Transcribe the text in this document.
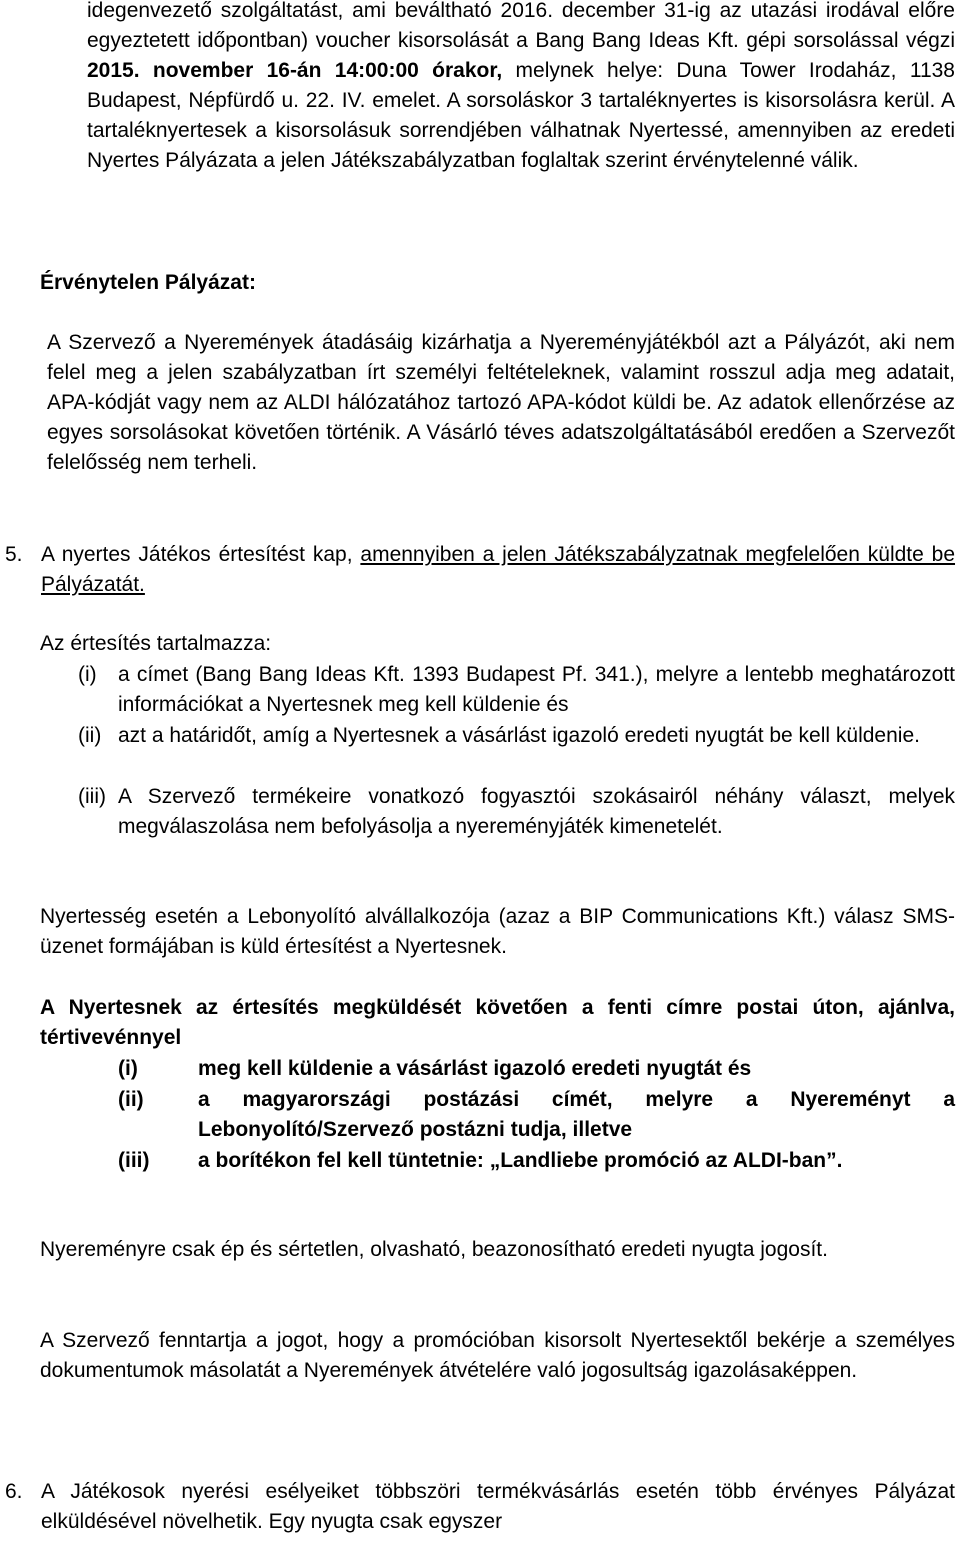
idegenvezető szolgáltatást, ami beváltható 2016. december 31-ig az utazási irodával előre egyeztetett időpontban) voucher kisorsolását a Bang Bang Ideas Kft. gépi sorsolással végzi 2015. november 16-án 14:00:00 órakor, melynek helye: Duna Tower Irodaház, 1138 Budapest, Népfürdő u. 22. IV. emelet. A sorsoláskor 3 tartaléknyertes is kisorsolásra kerül. A tartaléknyertesek a kisorsolásuk sorrendjében válhatnak Nyertessé, amennyiben az eredeti Nyertes Pályázata a jelen Játékszabályzatban foglaltak szerint érvénytelenné válik.

Érvénytelen Pályázat:

A Szervező a Nyeremények átadásáig kizárhatja a Nyereményjátékból azt a Pályázót, aki nem felel meg a jelen szabályzatban írt személyi feltételeknek, valamint rosszul adja meg adatait, APA-kódját vagy nem az ALDI hálózatához tartozó APA-kódot küldi be. Az adatok ellenőrzése az egyes sorsolásokat követően történik. A Vásárló téves adatszolgáltatásából eredően a Szervezőt felelősség nem terheli.

5. A nyertes Játékos értesítést kap, amennyiben a jelen Játékszabályzatnak megfelelően küldte be Pályázatát.

Az értesítés tartalmazza:
(i) a címet (Bang Bang Ideas Kft. 1393 Budapest Pf. 341.), melyre a lentebb meghatározott információkat a Nyertesnek meg kell küldenie és

(ii) azt a határidőt, amíg a Nyertesnek a vásárlást igazoló eredeti nyugtát be kell küldenie.

(iii) A Szervező termékeire vonatkozó fogyasztói szokásairól néhány választ, melyek megválaszolása nem befolyásolja a nyereményjáték kimenetelét.

Nyertesség esetén a Lebonyolító alvállalkozója (azaz a BIP Communications Kft.) válasz SMS-üzenet formájában is küld értesítést a Nyertesnek.

A Nyertesnek az értesítés megküldését követően a fenti címre postai úton, ajánlva, tértivevénnyel

(i)	meg kell küldenie a vásárlást igazoló eredeti nyugtát és

(ii)	a magyarországi postázási címét, melyre a Nyereményt a Lebonyolító/Szervező postázni tudja, illetve

(iii) a borítékon fel kell tüntetnie: „Landliebe promóció az ALDI-ban”.

Nyereményre csak ép és sértetlen, olvasható, beazonosítható eredeti nyugta jogosít.

A Szervező fenntartja a jogot, hogy a promócióban kisorsolt Nyertesektől bekérje a személyes dokumentumok másolatát a Nyeremények átvételére való jogosultság igazolásaképpen.

6. A Játékosok nyerési esélyeiket többszöri termékvásárlás esetén több érvényes Pályázat elküldésével növelhetik. Egy nyugta csak egyszer
